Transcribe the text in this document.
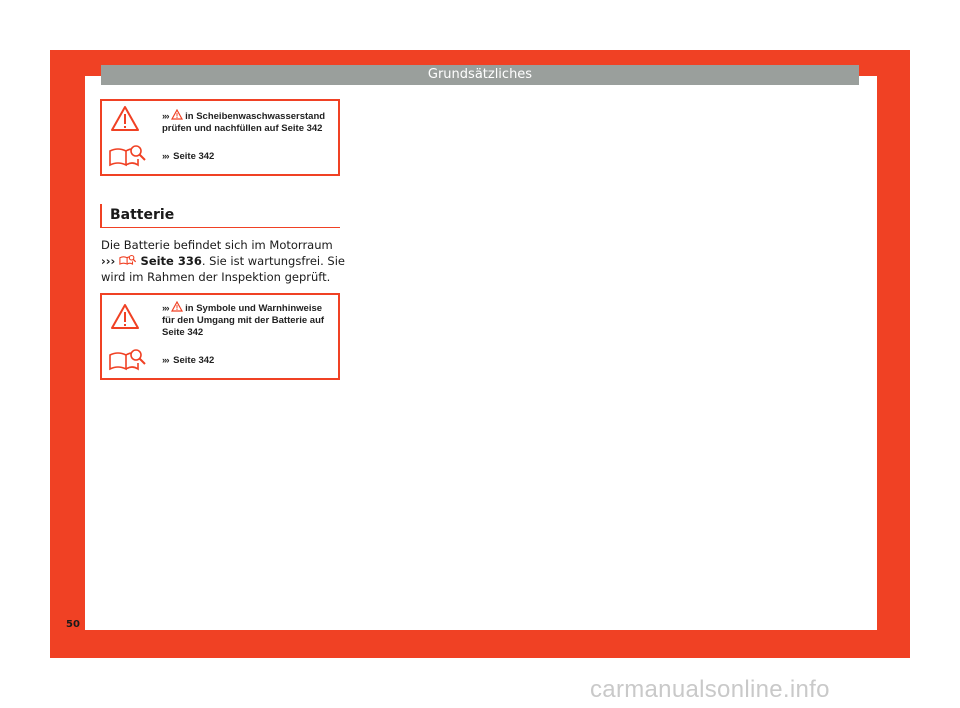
Grundsätzliches
››› in Scheibenwaschwasserstand
prüfen und nachfüllen auf Seite 342
››› Seite 342
Batterie
Die Batterie befindet sich im Motorraum
››› Seite 336. Sie ist wartungsfrei. Sie
wird im Rahmen der Inspektion geprüft.
››› in Symbole und Warnhinweise
für den Umgang mit der Batterie auf
Seite 342
››› Seite 342
50
carmanualsonline.info
